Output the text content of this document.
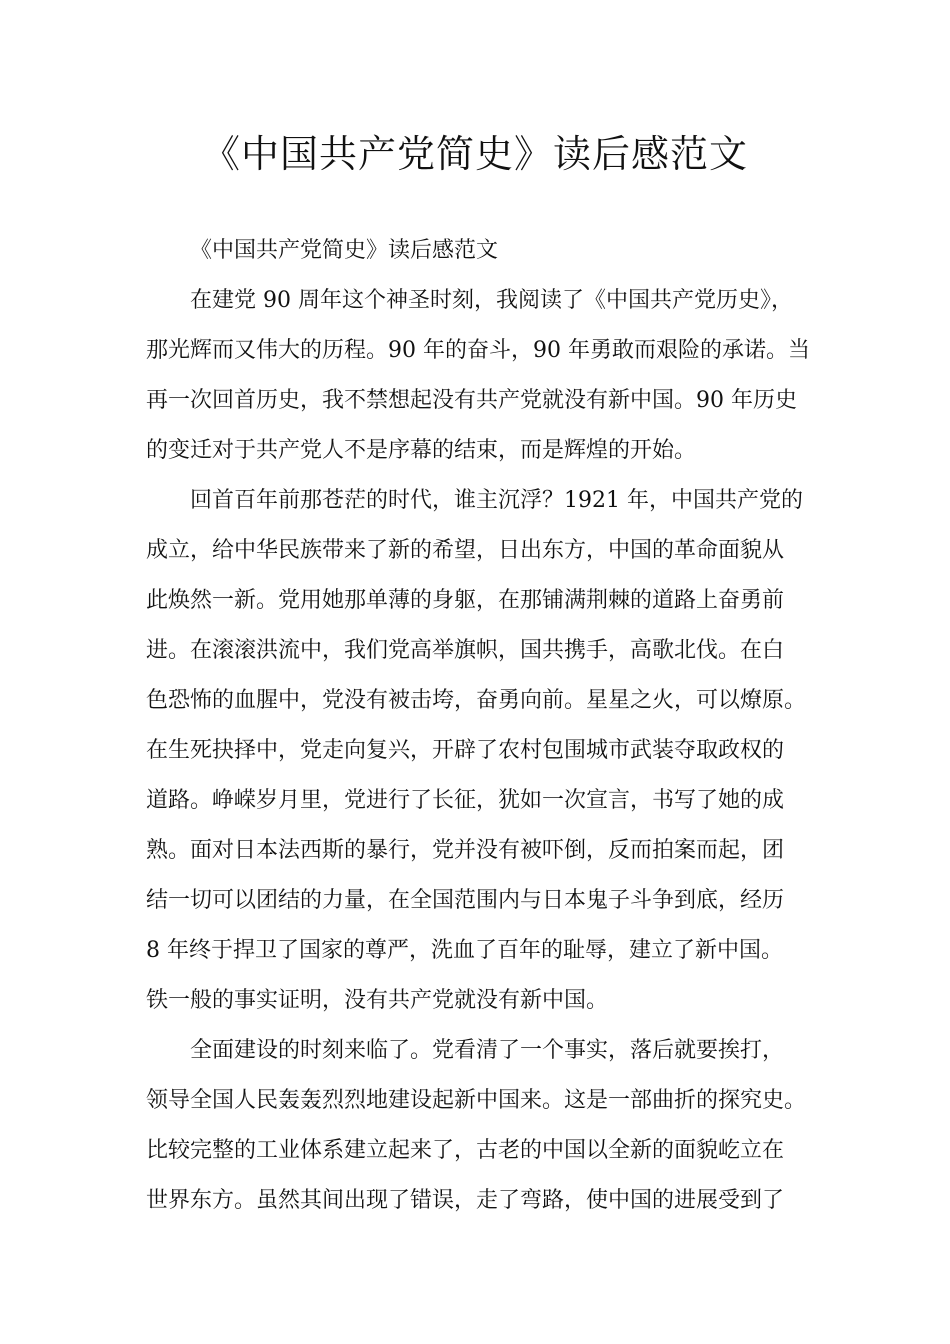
《中国共产党简史》读后感范文
《中国共产党简史》读后感范文
在建党 90 周年这个神圣时刻，我阅读了《中国共产党历史》，
那光辉而又伟大的历程。90 年的奋斗，90 年勇敢而艰险的承诺。当
再一次回首历史，我不禁想起没有共产党就没有新中国。90 年历史
的变迁对于共产党人不是序幕的结束，而是辉煌的开始。
回首百年前那苍茫的时代，谁主沉浮？1921 年，中国共产党的
成立，给中华民族带来了新的希望，日出东方，中国的革命面貌从
此焕然一新。党用她那单薄的身躯，在那铺满荆棘的道路上奋勇前
进。在滚滚洪流中，我们党高举旗帜，国共携手，高歌北伐。在白
色恐怖的血腥中，党没有被击垮，奋勇向前。星星之火，可以燎原。
在生死抉择中，党走向复兴，开辟了农村包围城市武装夺取政权的
道路。峥嵘岁月里，党进行了长征，犹如一次宣言，书写了她的成
熟。面对日本法西斯的暴行，党并没有被吓倒，反而拍案而起，团
结一切可以团结的力量，在全国范围内与日本鬼子斗争到底，经历
8 年终于捍卫了国家的尊严，洗血了百年的耻辱，建立了新中国。
铁一般的事实证明，没有共产党就没有新中国。
全面建设的时刻来临了。党看清了一个事实，落后就要挨打，
领导全国人民轰轰烈烈地建设起新中国来。这是一部曲折的探究史。
比较完整的工业体系建立起来了，古老的中国以全新的面貌屹立在
世界东方。虽然其间出现了错误，走了弯路，使中国的进展受到了
